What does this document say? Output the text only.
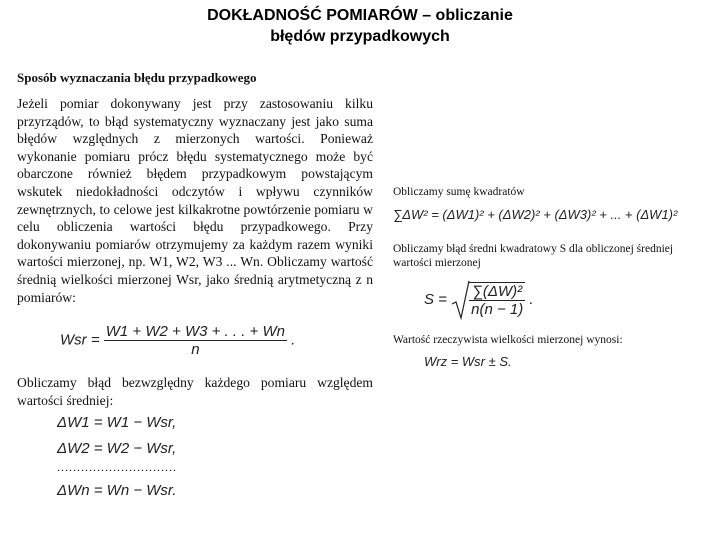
DOKŁADNOŚĆ POMIARÓW – obliczanie
błędów przypadkowych
Sposób wyznaczania błędu przypadkowego
Jeżeli pomiar dokonywany jest przy zastosowaniu kilku przyrządów, to błąd systematyczny wyznaczany jest jako suma błędów względnych z mierzonych wartości. Ponieważ wykonanie pomiaru prócz błędu systematycznego może być obarczone również błędem przypadkowym powstającym wskutek niedokładności odczytów i wpływu czynników zewnętrznych, to celowe jest kilkakrotne powtórzenie pomiaru w celu obliczenia wartości błędu przypadkowego. Przy dokonywaniu pomiarów otrzymujemy za każdym razem wyniki wartości mierzonej, np. W1, W2, W3 ... Wn. Obliczamy wartość średnią wielkości mierzonej Wsr, jako średnią arytmetyczną z n pomiarów:
Wsr = $\frac{W1 + W2 + W3 + . . . + Wn}{n}$ .
Obliczamy błąd bezwzględny każdego pomiaru względem wartości średniej:
ΔW1 = W1 − Wsr,
ΔW2 = W2 − Wsr,
..............................
ΔWn = Wn − Wsr.
Obliczamy sumę kwadratów
∑ΔW² = (ΔW1)² + (ΔW2)² + (ΔW3)² + ... + (ΔW1)²
Obliczamy błąd średni kwadratowy S dla obliczonej średniej wartości mierzonej
$S = \frac{\text{∑(ΔW)²}}{n(n - 1)}$ .
Wartość rzeczywista wielkości mierzonej wynosi:
Wrz = Wsr ± S.
